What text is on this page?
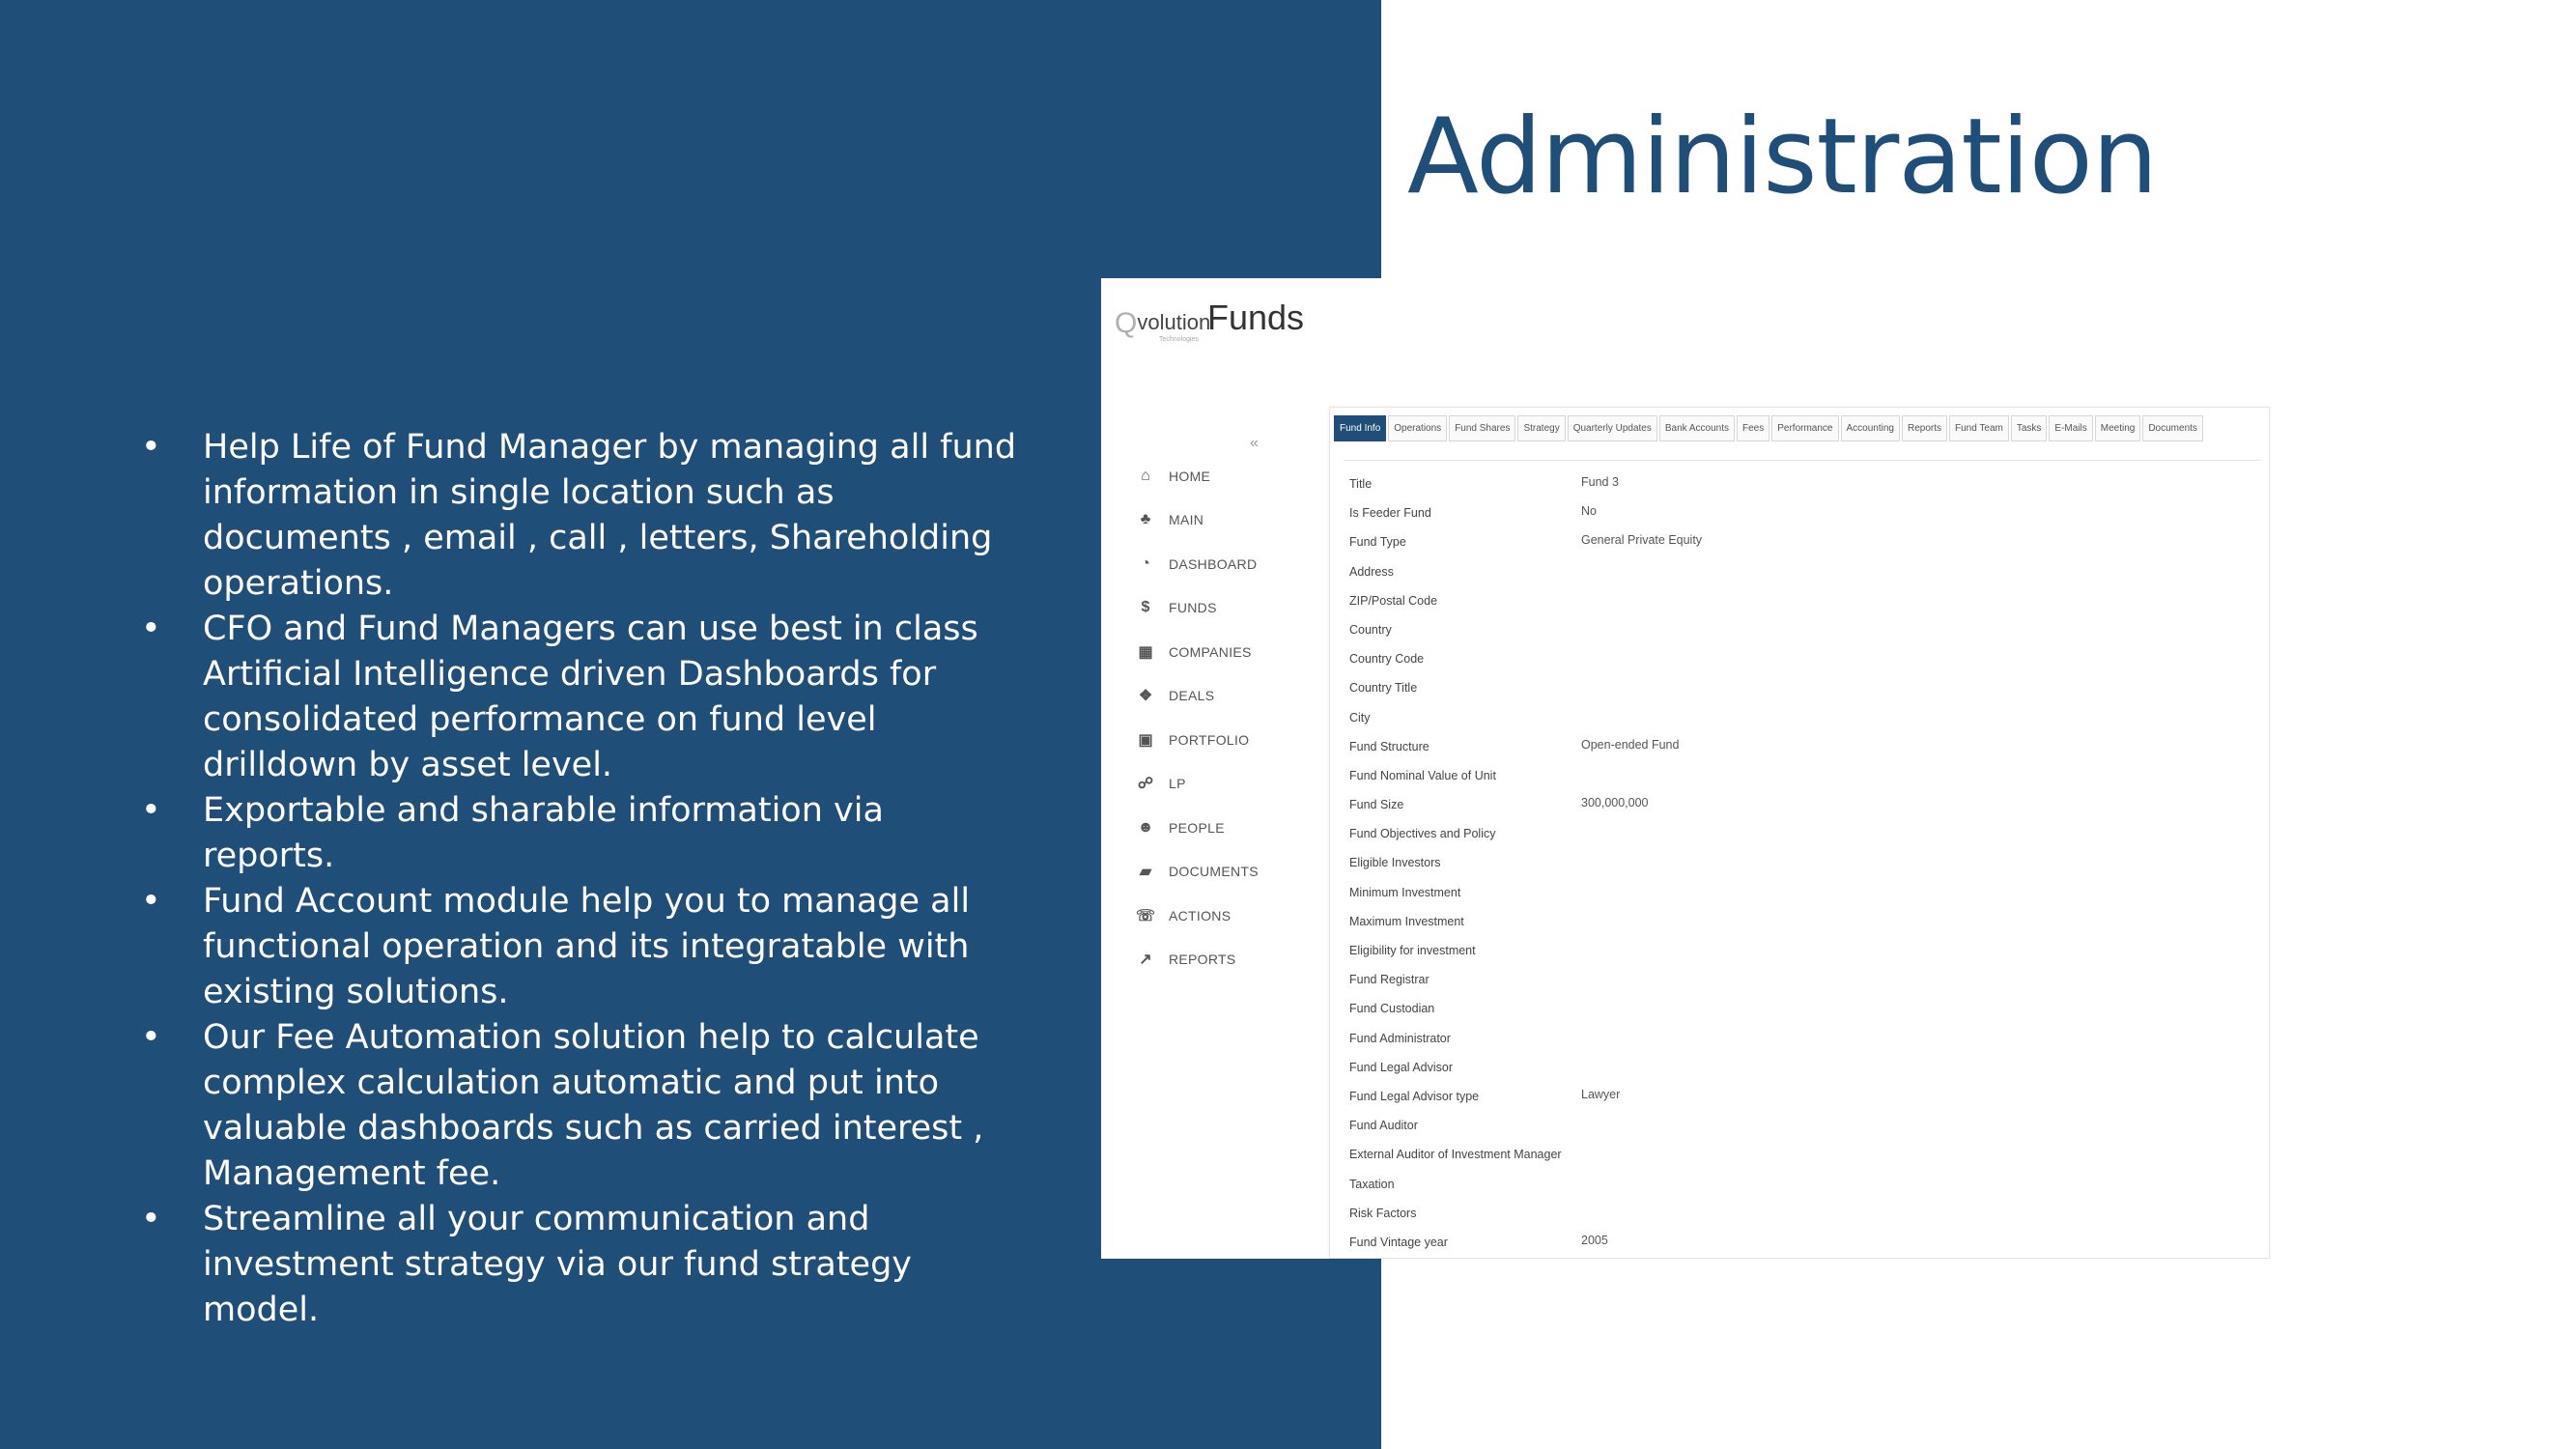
Fund Administration
• Help Life of Fund Manager by managing all fund information in single location such as documents , email , call , letters, Shareholding operations.
• CFO and Fund Managers can use best in class Artificial Intelligence driven Dashboards for consolidated performance on fund level drilldown by asset level.
• Exportable and sharable information via reports.
• Fund Account module help you to manage all functional operation and its integratable with existing solutions.
• Our Fee Automation solution help to calculate complex calculation automatic and put into valuable dashboards such as carried interest , Management fee.
• Streamline all your communication and investment strategy via our fund strategy model.
Qvolution
Technologies
Funds
«
⌂	HOME
♣	MAIN
◔	DASHBOARD
$	FUNDS
▦	COMPANIES
❖	DEALS
▣	PORTFOLIO
☍	LP
☻	PEOPLE
▰	DOCUMENTS
☏ ACTIONS
↗	REPORTS
Fund Info	Operations	Fund Shares	Strategy	Quarterly Updates	Bank Accounts	Fees	Performance	Accounting	Reports	Fund Team	Tasks	E-Mails	Meeting	Documents
Title	Fund 3
Is Feeder Fund	No
Fund Type	General Private Equity
Address
ZIP/Postal Code
Country
Country Code
Country Title
City
Fund Structure	Open-ended Fund
Fund Nominal Value of Unit
Fund Size	300,000,000
Fund Objectives and Policy
Eligible Investors
Minimum Investment
Maximum Investment
Eligibility for investment
Fund Registrar
Fund Custodian
Fund Administrator
Fund Legal Advisor
Fund Legal Advisor type	Lawyer
Fund Auditor
External Auditor of Investment Manager
Taxation
Risk Factors
Fund Vintage year	2005
